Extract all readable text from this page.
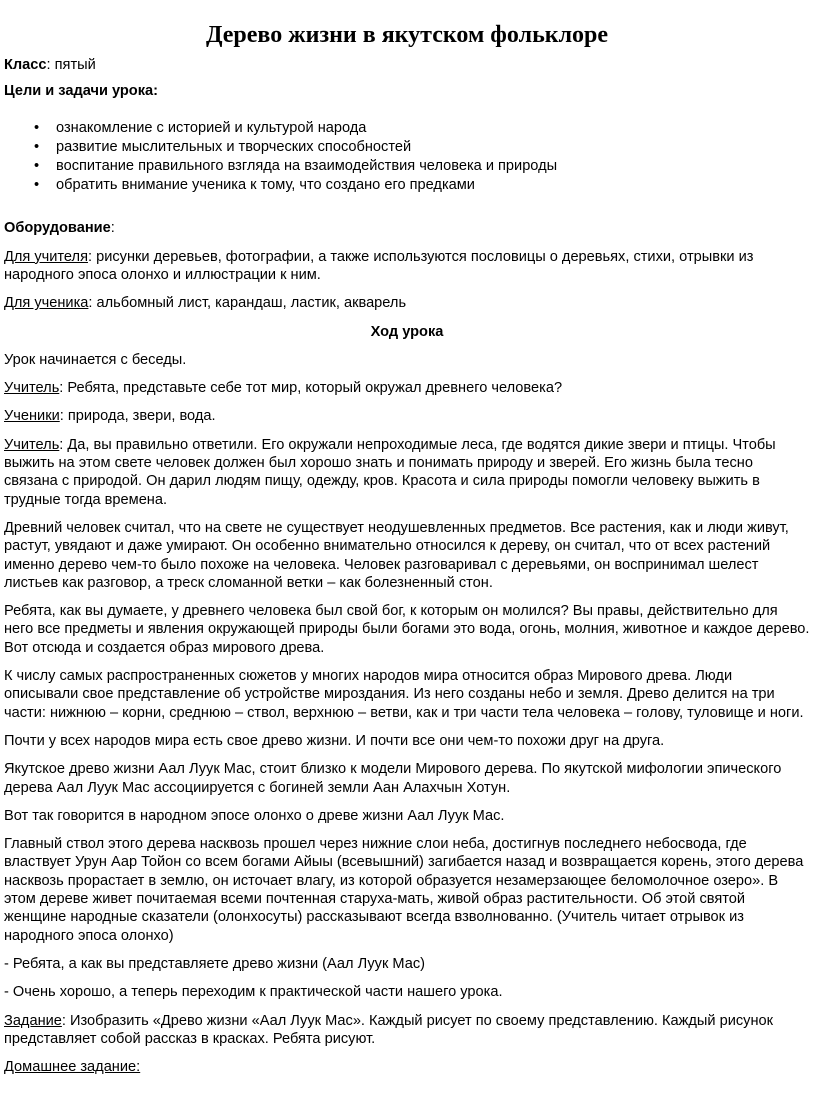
Дерево жизни в якутском фольклоре

Класс: пятый

Цели и задачи урока:

• ознакомление с историей и культурой народа
• развитие мыслительных и творческих способностей
• воспитание правильного взгляда на взаимодействия человека и природы
• обратить внимание ученика к тому, что создано его предками

Оборудование:

Для учителя: рисунки деревьев, фотографии, а также используются пословицы о деревьях, стихи, отрывки из народного эпоса олонхо и иллюстрации к ним.

Для ученика: альбомный лист, карандаш, ластик, акварель

Ход урока

Урок начинается с беседы.

Учитель: Ребята, представьте себе тот мир, который окружал древнего человека?

Ученики: природа, звери, вода.

Учитель: Да, вы правильно ответили. Его окружали непроходимые леса, где водятся дикие звери и птицы. Чтобы выжить на этом свете человек должен был хорошо знать и понимать природу и зверей. Его жизнь была тесно связана с природой. Он дарил людям пищу, одежду, кров. Красота и сила природы помогли человеку выжить в трудные тогда времена.

Древний человек считал, что на свете не существует неодушевленных предметов. Все растения, как и люди живут, растут, увядают и даже умирают. Он особенно внимательно относился к дереву, он считал, что от всех растений именно дерево чем-то было похоже на человека. Человек разговаривал с деревьями, он воспринимал шелест листьев как разговор, а треск сломанной ветки – как болезненный стон.

Ребята, как вы думаете, у древнего человека был свой бог, к которым он молился? Вы правы, действительно для него все предметы и явления окружающей природы были богами это вода, огонь, молния, животное и каждое дерево. Вот отсюда и создается образ мирового древа.

К числу самых распространенных сюжетов у многих народов мира относится образ Мирового древа. Люди описывали свое представление об устройстве мироздания. Из него созданы небо и земля. Древо делится на три части: нижнюю – корни, среднюю – ствол, верхнюю – ветви, как и три части тела человека – голову, туловище и ноги.

Почти у всех народов мира есть свое древо жизни. И почти все они чем-то похожи друг на друга.

Якутское древо жизни Аал Луук Мас, стоит близко к модели Мирового дерева. По якутской мифологии эпического дерева Аал Луук Мас ассоциируется с богиней земли Аан Алахчын Хотун.

Вот так говорится в народном эпосе олонхо о древе жизни Аал Луук Мас.

Главный ствол этого дерева насквозь прошел через нижние слои неба, достигнув последнего небосвода, где властвует Урун Аар Тойон со всем богами Айыы (всевышний) загибается назад и возвращается корень, этого дерева насквозь прорастает в землю, он источает влагу, из которой образуется незамерзающее беломолочное озеро». В этом дереве живет почитаемая всеми почтенная старуха-мать, живой образ растительности. Об этой святой женщине народные сказатели (олонхосуты) рассказывают всегда взволнованно. (Учитель читает отрывок из народного эпоса олонхо)

- Ребята, а как вы представляете древо жизни (Аал Луук Мас)

- Очень хорошо, а теперь переходим к практической части нашего урока.

Задание: Изобразить «Древо жизни «Аал Луук Мас». Каждый рисует по своему представлению. Каждый рисунок представляет собой рассказ в красках. Ребята рисуют.

Домашнее задание:
